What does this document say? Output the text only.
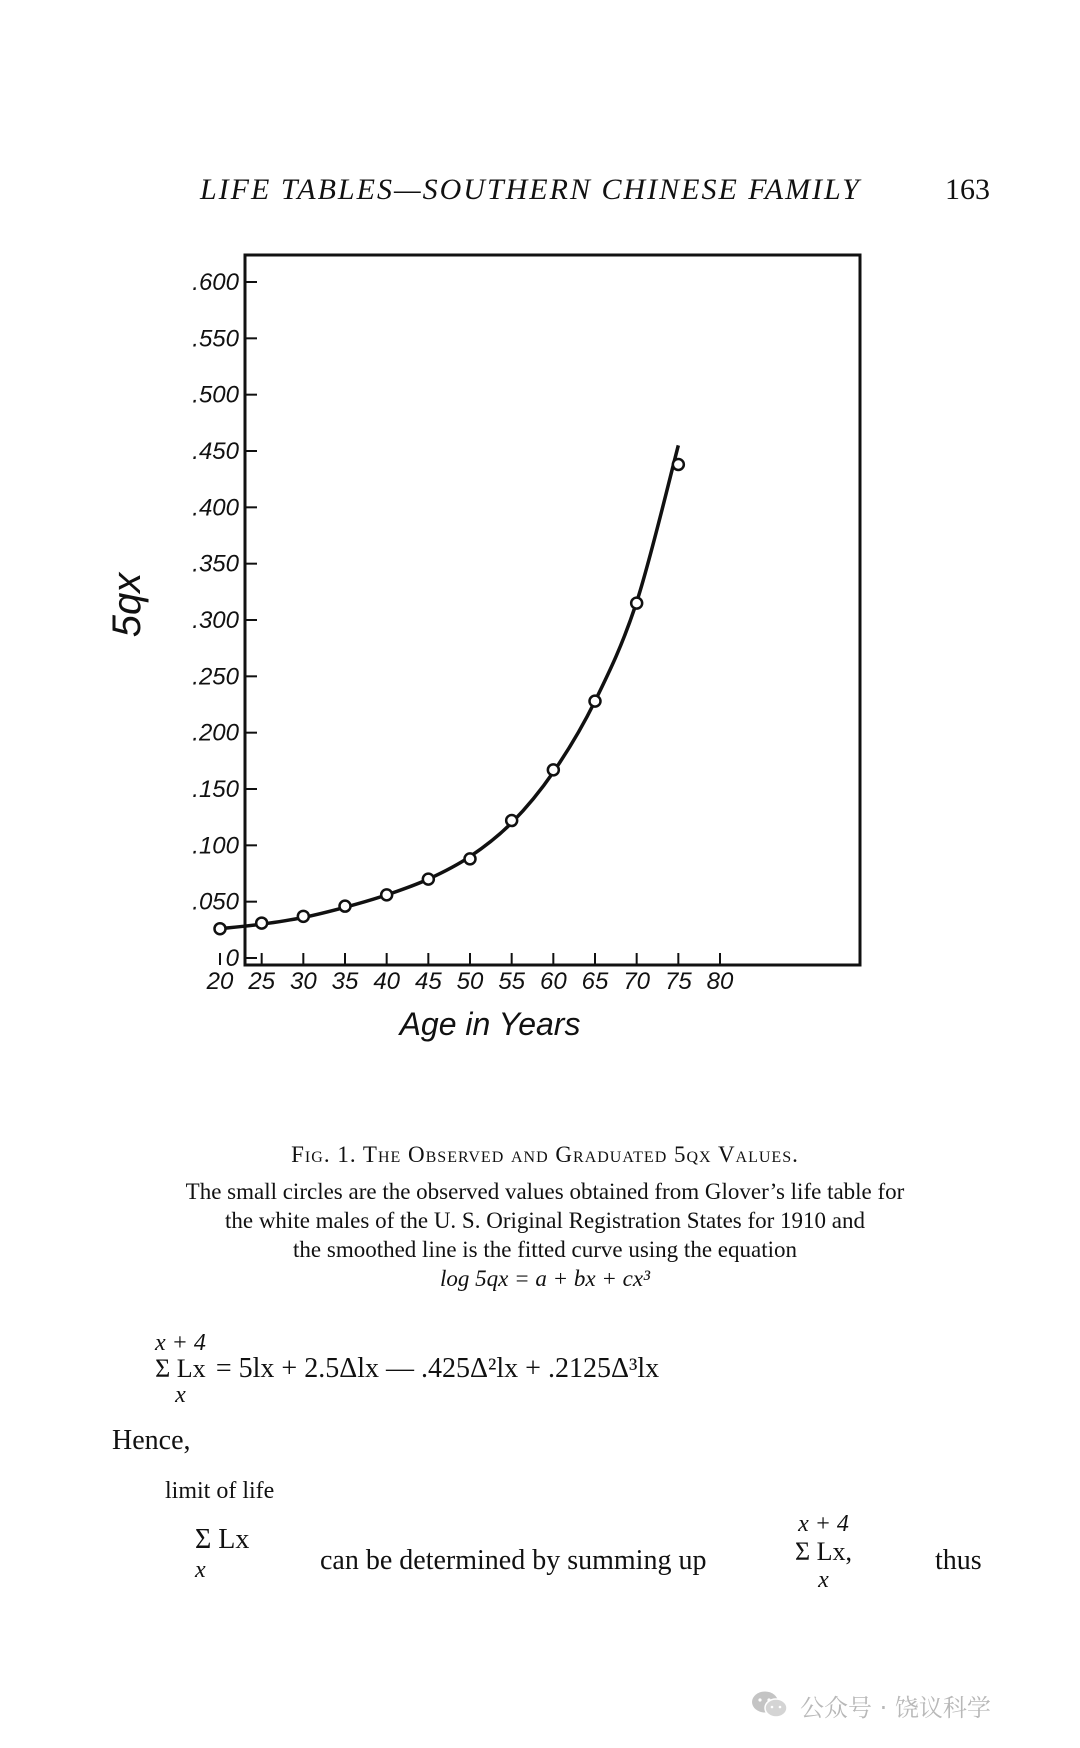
LIFE TABLES—SOUTHERN CHINESE FAMILY	163
0
.050
.100
.150
.200
.250
.300
.350
.400
.450
.500
.550
.600
20 25 30 35 40 45 50 55 60 65 70 75 80
Age in Years
5qx
Fig. 1. The Observed and Graduated 5qx Values.
The small circles are the observed values obtained from Glover’s life table for
the white males of the U. S. Original Registration States for 1910 and
the smoothed line is the fitted curve using the equation
log 5qx = a + bx + cx³
x + 4
Σ Lx
x
= 5lx + 2.5Δlx — .425Δ²lx + .2125Δ³lx
Hence,
limit of life
Σ Lx
x	can be determined by summing up
x + 4
Σ Lx,
x
thus
公众号 · 饶议科学
